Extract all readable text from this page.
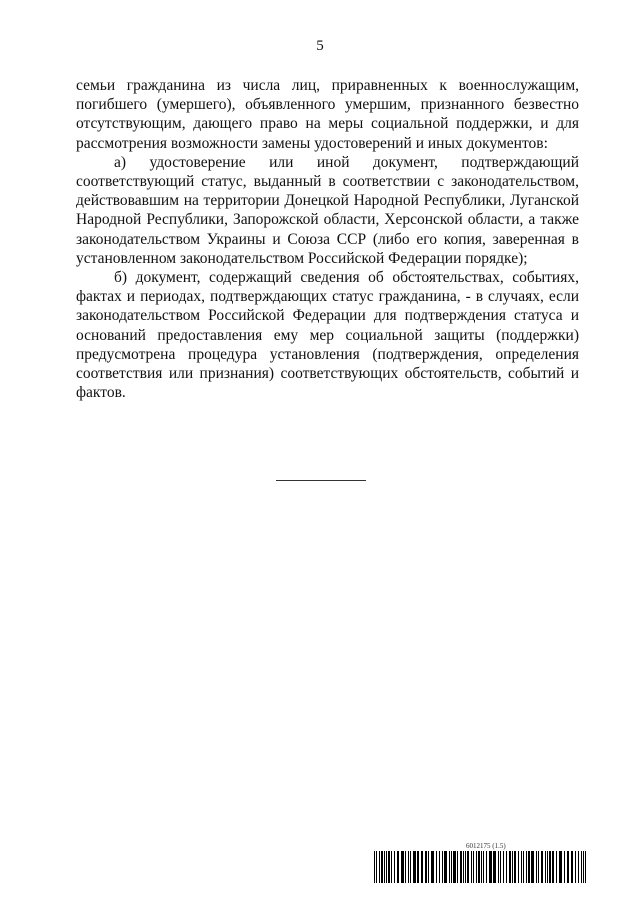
5

семьи гражданина из числа лиц, приравненных к военнослужащим, погибшего (умершего), объявленного умершим, признанного безвестно отсутствующим, дающего право на меры социальной поддержки, и для рассмотрения возможности замены удостоверений и иных документов:

а) удостоверение или иной документ, подтверждающий соответствующий статус, выданный в соответствии с законодательством, действовавшим на территории Донецкой Народной Республики, Луганской Народной Республики, Запорожской области, Херсонской области, а также законодательством Украины и Союза ССР (либо его копия, заверенная в установленном законодательством Российской Федерации порядке);

б) документ, содержащий сведения об обстоятельствах, событиях, фактах и периодах, подтверждающих статус гражданина, - в случаях, если законодательством Российской Федерации для подтверждения статуса и оснований предоставления ему мер социальной защиты (поддержки) предусмотрена процедура установления (подтверждения, определения соответствия или признания) соответствующих обстоятельств, событий и фактов.

6012175 (1.5)
